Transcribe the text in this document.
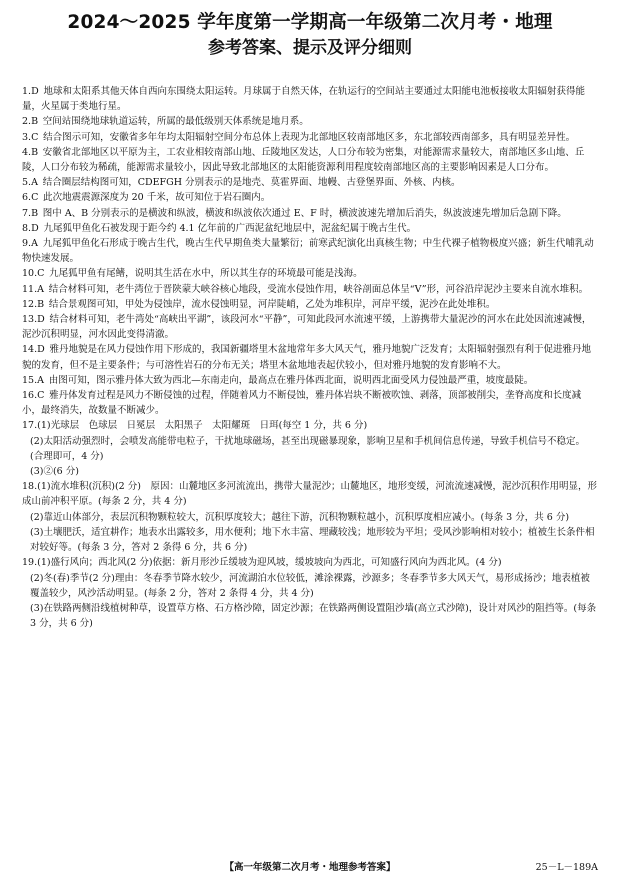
2024～2025 学年度第一学期高一年级第二次月考・地理
参考答案、提示及评分细则

1.D  地球和太阳系其他天体自西向东围绕太阳运转。月球属于自然天体，在轨运行的空间站主要通过太阳能电池板接收太阳辐射获得能量，火星属于类地行星。

2.B  空间站围绕地球轨道运转，所属的最低级别天体系统是地月系。

3.C  结合图示可知，安徽省多年年均太阳辐射空间分布总体上表现为北部地区较南部地区多，东北部较西南部多，具有明显差异性。

4.B  安徽省北部地区以平原为主，工农业相较南部山地、丘陵地区发达，人口分布较为密集，对能源需求量较大，南部地区多山地、丘陵，人口分布较为稀疏，能源需求量较小，因此导致北部地区的太阳能资源利用程度较南部地区高的主要影响因素是人口分布。

5.A  结合圈层结构图可知，CDEFGH 分别表示的是地壳、莫霍界面、地幔、古登堡界面、外核、内核。

6.C  此次地震震源深度为 20 千米，故可知位于岩石圈内。

7.B  图中 A、B 分别表示的是横波和纵波，横波和纵波依次通过 E、F 时，横波波速先增加后消失，纵波波速先增加后急剧下降。

8.D  九尾狐甲鱼化石被发现于距今约 4.1 亿年前的广西泥盆纪地层中，泥盆纪属于晚古生代。

9.A  九尾狐甲鱼化石形成于晚古生代，晚古生代早期鱼类大量繁衍；前寒武纪演化出真核生物；中生代裸子植物极度兴盛；新生代哺乳动物快速发展。

10.C  九尾狐甲鱼有尾鳍，说明其生活在水中，所以其生存的环境最可能是浅海。

11.A  结合材料可知，老牛湾位于晋陕蒙大峡谷核心地段，受流水侵蚀作用，峡谷剖面总体呈“V”形，河谷沿岸泥沙主要来自流水堆积。

12.B  结合景观图可知，甲处为侵蚀岸，流水侵蚀明显，河岸陡峭，乙处为堆积岸，河岸平缓，泥沙在此处堆积。

13.D  结合材料可知，老牛湾处“高峡出平湖”，该段河水“平静”，可知此段河水流速平缓，上游携带大量泥沙的河水在此处因流速减慢，泥沙沉积明显，河水因此变得清澈。

14.D  雅丹地貌是在风力侵蚀作用下形成的，我国新疆塔里木盆地常年多大风天气，雅丹地貌广泛发育；太阳辐射强烈有利于促进雅丹地貌的发育，但不是主要条件；与可溶性岩石的分布无关；塔里木盆地地表起伏较小，但对雅丹地貌的发育影响不大。

15.A  由图可知，图示雅丹体大致为西北—东南走向，最高点在雅丹体西北面，说明西北面受风力侵蚀最严重，坡度最陡。

16.C  雅丹体发育过程是风力不断侵蚀的过程，伴随着风力不断侵蚀，雅丹体岩块不断被吹蚀、剥落，顶部被削尖，垄脊高度和长度减小，最终消失，故数量不断减少。

17.(1)光球层　色球层　日冕层　太阳黑子　太阳耀斑　日珥(每空 1 分，共 6 分)

(2)太阳活动强烈时，会喷发高能带电粒子，干扰地球磁场，甚至出现磁暴现象，影响卫星和手机间信息传递，导致手机信号不稳定。(合理即可，4 分)

(3)②(6 分)

18.(1)流水堆积(沉积)(2 分)　原因：山麓地区多河流流出，携带大量泥沙；山麓地区，地形变缓，河流流速减慢，泥沙沉积作用明显，形成山前冲积平原。(每条 2 分，共 4 分)

(2)靠近山体部分，表层沉积物颗粒较大，沉积厚度较大；越往下游，沉积物颗粒越小，沉积厚度相应减小。(每条 3 分，共 6 分)

(3)土壤肥沃，适宜耕作；地表水出露较多，用水便利；地下水丰富、埋藏较浅；地形较为平坦；受风沙影响相对较小；植被生长条件相对较好等。(每条 3 分，答对 2 条得 6 分，共 6 分)

19.(1)盛行风向；西北风(2 分)依据：新月形沙丘缓坡为迎风坡，缓坡坡向为西北，可知盛行风向为西北风。(4 分)

(2)冬(春)季节(2 分)理由：冬春季节降水较少，河流湖泊水位较低，滩涂裸露，沙源多；冬春季节多大风天气，易形成扬沙；地表植被覆盖较少，风沙活动明显。(每条 2 分，答对 2 条得 4 分，共 4 分)

(3)在铁路两侧沿线植树种草，设置草方格、石方格沙障，固定沙源；在铁路两侧设置阻沙墙(高立式沙障)，设计对风沙的阻挡等。(每条 3 分，共 6 分)

【高一年级第二次月考・地理参考答案】	25－L－189A
